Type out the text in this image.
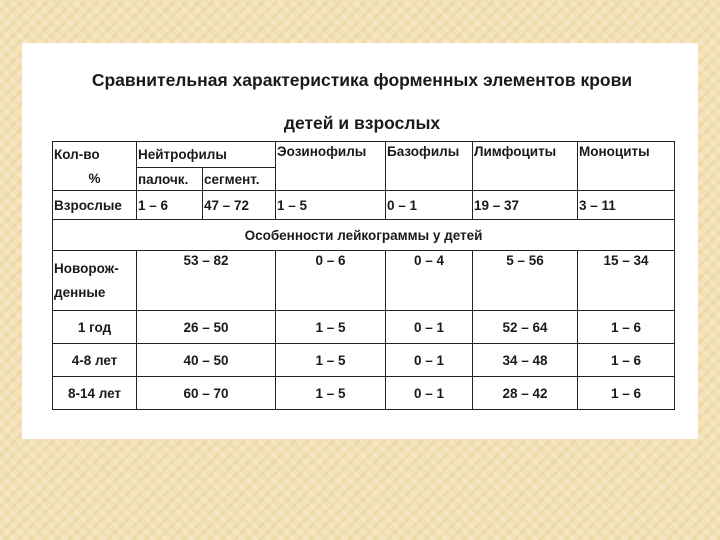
Сравнительная характеристика форменных элементов крови
детей и взрослых
Кол-во	Нейтрофилы		Эозинофилы	Базофилы	Лимфоциты	Моноциты
%	палочк.	сегмент.				
Взрослые	1 – 6	47 – 72	1 – 5	0 – 1	19 – 37	3 – 11
Особенности лейкограммы у детей						
Новорож-
денные	53 – 82		0 – 6	0 – 4	5 – 56	15 – 34
1 год	26 – 50		1 – 5	0 – 1	52 – 64	1 – 6
4-8 лет	40 – 50		1 – 5	0 – 1	34 – 48	1 – 6
8-14 лет	60 – 70		1 – 5	0 – 1	28 – 42	1 – 6
